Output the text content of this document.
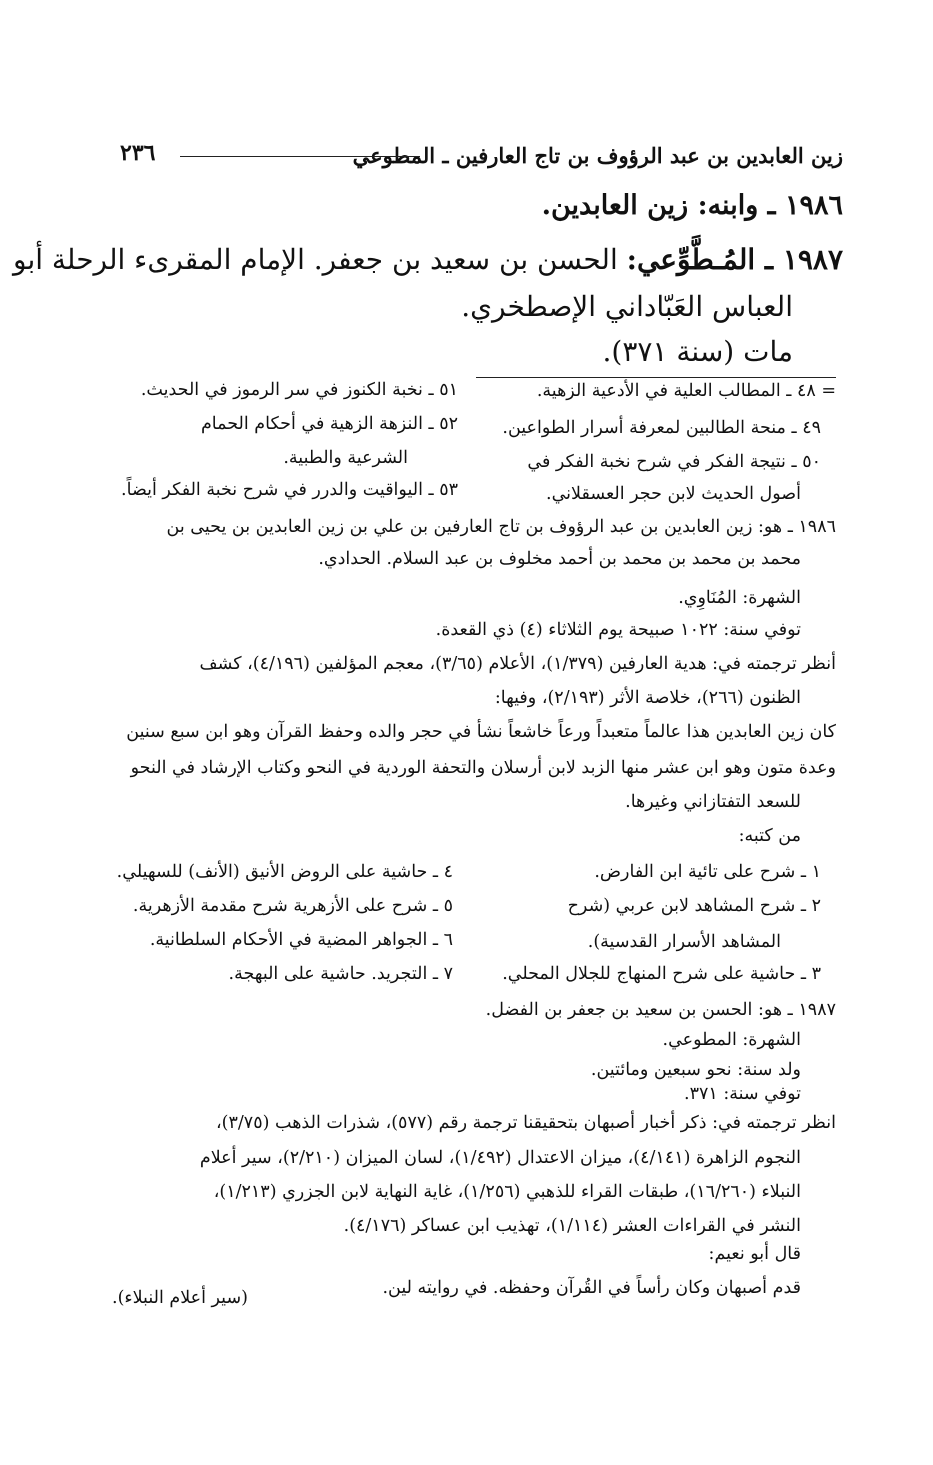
زين العابدين بن عبد الرؤوف بن تاج العارفين ـ المطوعي
٢٣٦
١٩٨٦ ـ وابنه: زين العابدين.
١٩٨٧ ـ المُـطَّوِّعي: الحسن بن سعيد بن جعفر. الإمام المقرىء الرحلة أبو
العباس العَبّاداني الإصطخري.
مات (سنة ٣٧١).
= ٤٨ ـ المطالب العلية في الأدعية الزهية.
٤٩ ـ منحة الطالبين لمعرفة أسرار الطواعين.
٥٠ ـ نتيجة الفكر في شرح نخبة الفكر في
أصول الحديث لابن حجر العسقلاني.
٥١ ـ نخبة الكنوز في سر الرموز في الحديث.
٥٢ ـ النزهة الزهية في أحكام الحمام
الشرعية والطبية.
٥٣ ـ اليواقيت والدرر في شرح نخبة الفكر أيضاً.
١٩٨٦ ـ هو: زين العابدين بن عبد الرؤوف بن تاج العارفين بن علي بن زين العابدين بن يحيى بن
محمد بن محمد بن محمد بن أحمد مخلوف بن عبد السلام. الحدادي.
الشهرة: المُنَاوِي.
توفي سنة: ١٠٢٢ صبيحة يوم الثلاثاء (٤) ذي القعدة.
أنظر ترجمته في: هدية العارفين (١/٣٧٩)، الأعلام (٣/٦٥)، معجم المؤلفين (٤/١٩٦)، كشف
الظنون (٢٦٦)، خلاصة الأثر (٢/١٩٣)، وفيها:
كان زين العابدين هذا عالماً متعبداً ورعاً خاشعاً نشأ في حجر والده وحفظ القرآن وهو ابن سبع سنين
وعدة متون وهو ابن عشر منها الزبد لابن أرسلان والتحفة الوردية في النحو وكتاب الإرشاد في النحو
للسعد التفتازاني وغيرها.
من كتبه:
١ ـ شرح على تائية ابن الفارض.
٢ ـ شرح المشاهد لابن عربي (شرح
المشاهد الأسرار القدسية).
٣ ـ حاشية على شرح المنهاج للجلال المحلي.
٤ ـ حاشية على الروض الأنيق (الأنف) للسهيلي.
٥ ـ شرح على الأزهرية شرح مقدمة الأزهرية.
٦ ـ الجواهر المضية في الأحكام السلطانية.
٧ ـ التجريد. حاشية على البهجة.
١٩٨٧ ـ هو: الحسن بن سعيد بن جعفر بن الفضل.
الشهرة: المطوعي.
ولد سنة: نحو سبعين ومائتين.
توفي سنة: ٣٧١.
انظر ترجمته في: ذكر أخبار أصبهان بتحقيقنا ترجمة رقم (٥٧٧)، شذرات الذهب (٣/٧٥)،
النجوم الزاهرة (٤/١٤١)، ميزان الاعتدال (١/٤٩٢)، لسان الميزان (٢/٢١٠)، سير أعلام
النبلاء (١٦/٢٦٠)، طبقات القراء للذهبي (١/٢٥٦)، غاية النهاية لابن الجزري (١/٢١٣)،
النشر في القراءات العشر (١/١١٤)، تهذيب ابن عساكر (٤/١٧٦).
قال أبو نعيم:
قدم أصبهان وكان رأساً في القُرآن وحفظه. في روايته لين.
(سير أعلام النبلاء).
